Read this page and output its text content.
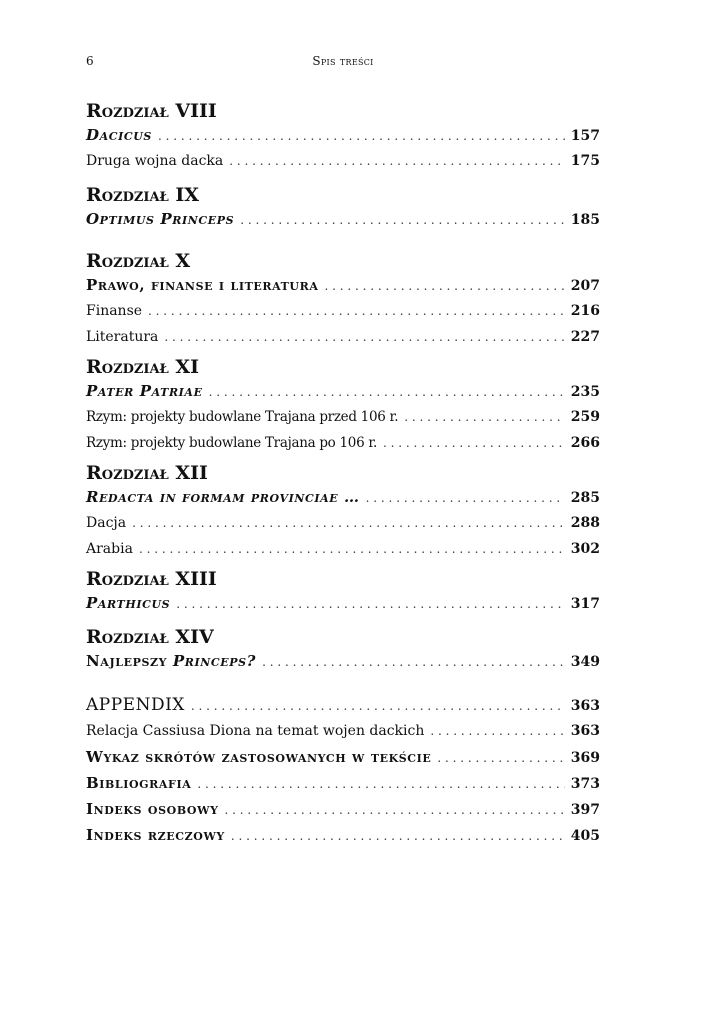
6	Spis treści
Rozdział VIII
Dacicus . . .	157
Druga wojna dacka . . .	175
Rozdział IX
Optimus Princeps . . .	185
Rozdział X
Prawo, finanse i literatura . . .	207
Finanse . . .	216
Literatura . . .	227
Rozdział XI
Pater Patriae . . .	235
Rzym: projekty budowlane Trajana przed 106 r. . . .	259
Rzym: projekty budowlane Trajana po 106 r. . . .	266
Rozdział XII
Redacta in formam provinciae … . . .	285
Dacja . . .	288
Arabia . . .	302
Rozdział XIII
Parthicus . . .	317
Rozdział XIV
Najlepszy Princeps? . . .	349
APPENDIX . . .	363
Relacja Cassiusa Diona na temat wojen dackich . . .	363
Wykaz skrótów zastosowanych w tekście . . .	369
Bibliografia . . .	373
Indeks osobowy . . .	397
Indeks rzeczowy . . .	405
